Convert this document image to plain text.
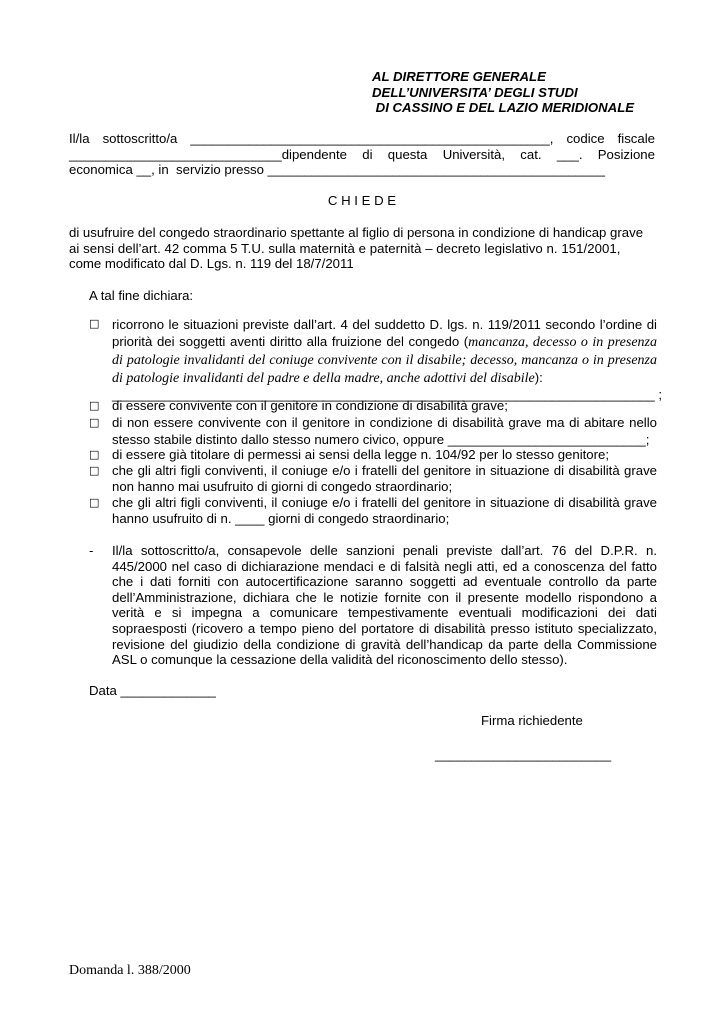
AL DIRETTORE GENERALE
DELL’UNIVERSITA’ DEGLI STUDI
DI CASSINO E DEL LAZIO MERIDIONALE
Il/la sottoscritto/a _________________________________________________, codice fiscale
_____________________________dipendente di questa Università, cat. ___. Posizione
economica __, in  servizio presso ______________________________________________
C H I E D E
di usufruire del congedo straordinario spettante al figlio di persona in condizione di handicap grave
ai sensi dell’art. 42 comma 5 T.U. sulla maternità e paternità – decreto legislativo n. 151/2001,
come modificato dal D. Lgs. n. 119 del 18/7/2011
A tal fine dichiara:
□ ricorrono le situazioni previste dall’art. 4 del suddetto D. lgs. n. 119/2011 secondo l’ordine di priorità dei soggetti aventi diritto alla fruizione del congedo (mancanza, decesso o in presenza di patologie invalidanti del coniuge convivente con il disabile; decesso, mancanza o in presenza di patologie invalidanti del padre e della madre, anche adottivi del disabile):
__________________________________________________________________________ ;
□ di essere convivente con il genitore in condizione di disabilità grave;
□ di non essere convivente con il genitore in condizione di disabilità grave ma di abitare nello stesso stabile distinto dallo stesso numero civico, oppure ___________________________;
□ di essere già titolare di permessi ai sensi della legge n. 104/92 per lo stesso genitore;
□ che gli altri figli conviventi, il coniuge e/o i fratelli del genitore in situazione di disabilità grave non hanno mai usufruito di giorni di congedo straordinario;
□ che gli altri figli conviventi, il coniuge e/o i fratelli del genitore in situazione di disabilità grave hanno usufruito di n. ____ giorni di congedo straordinario;
- Il/la sottoscritto/a, consapevole delle sanzioni penali previste dall’art. 76 del D.P.R. n. 445/2000 nel caso di dichiarazione mendaci e di falsità negli atti, ed a conoscenza del fatto che i dati forniti con autocertificazione saranno soggetti ad eventuale controllo da parte dell’Amministrazione, dichiara che le notizie fornite con il presente modello rispondono a verità e si impegna a comunicare tempestivamente eventuali modificazioni dei dati sopraesposti (ricovero a tempo pieno del portatore di disabilità presso istituto specializzato, revisione del giudizio della condizione di gravità dell’handicap da parte della Commissione ASL o comunque la cessazione della validità del riconoscimento dello stesso).
Data _____________
Firma richiedente
________________________
Domanda l. 388/2000
